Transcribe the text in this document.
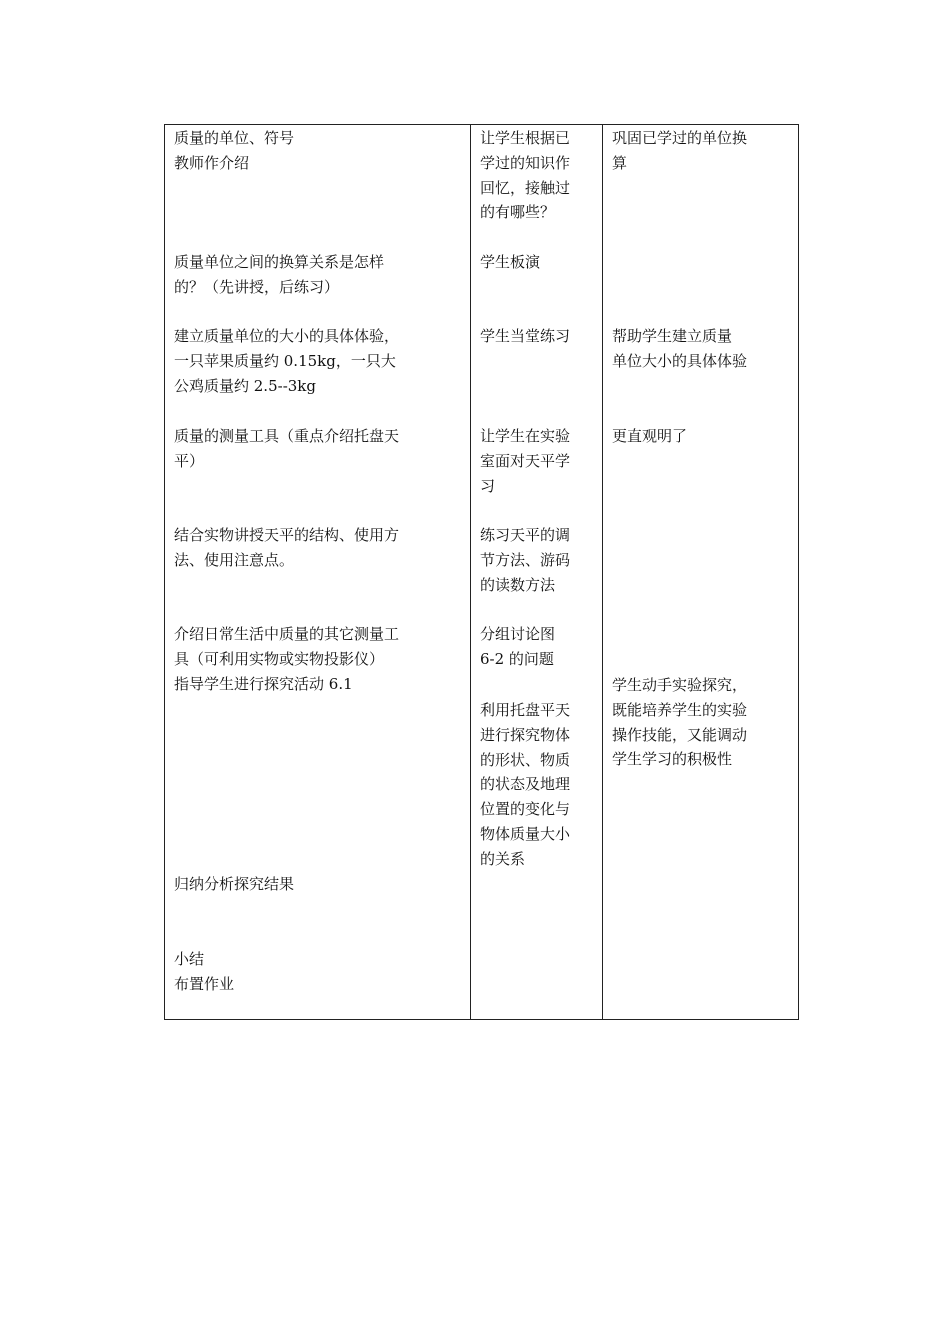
质量的单位、符号
教师作介绍
质量单位之间的换算关系是怎样
的？（先讲授，后练习）
建立质量单位的大小的具体体验，
一只苹果质量约 0.15kg，一只大
公鸡质量约 2.5--3kg
质量的测量工具（重点介绍托盘天
平）
结合实物讲授天平的结构、使用方
法、使用注意点。
介绍日常生活中质量的其它测量工
具（可利用实物或实物投影仪）
指导学生进行探究活动 6.1
归纳分析探究结果
小结
布置作业
让学生根据已
学过的知识作
回忆，接触过
的有哪些？
学生板演
学生当堂练习
让学生在实验
室面对天平学
习
练习天平的调
节方法、游码
的读数方法
分组讨论图
6-2 的问题
利用托盘平天
进行探究物体
的形状、物质
的状态及地理
位置的变化与
物体质量大小
的关系
巩固已学过的单位换
算
帮助学生建立质量
单位大小的具体体验
更直观明了
学生动手实验探究，
既能培养学生的实验
操作技能，又能调动
学生学习的积极性
